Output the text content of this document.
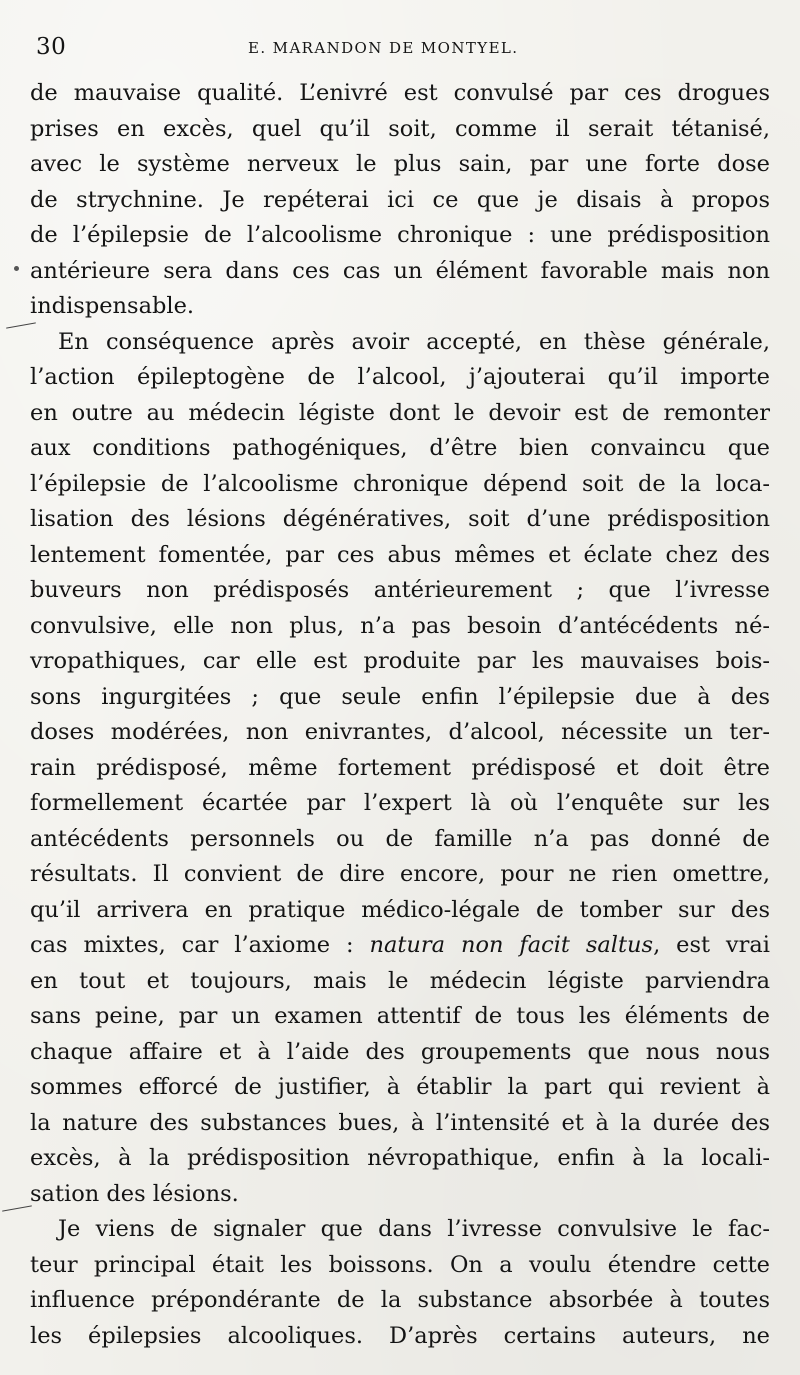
30	E. MARANDON DE MONTYEL.
de mauvaise qualité. L’enivré est convulsé par ces drogues
prises en excès, quel qu’il soit, comme il serait tétanisé,
avec le système nerveux le plus sain, par une forte dose
de strychnine. Je repéterai ici ce que je disais à propos
de l’épilepsie de l’alcoolisme chronique : une prédisposition
antérieure sera dans ces cas un élément favorable mais non
indispensable.
En conséquence après avoir accepté, en thèse générale,
l’action épileptogène de l’alcool, j’ajouterai qu’il importe
en outre au médecin légiste dont le devoir est de remonter
aux conditions pathogéniques, d’être bien convaincu que
l’épilepsie de l’alcoolisme chronique dépend soit de la loca-
lisation des lésions dégénératives, soit d’une prédisposition
lentement fomentée, par ces abus mêmes et éclate chez des
buveurs non prédisposés antérieurement ; que l’ivresse
convulsive, elle non plus, n’a pas besoin d’antécédents né-
vropathiques, car elle est produite par les mauvaises bois-
sons ingurgitées ; que seule enfin l’épilepsie due à des
doses modérées, non enivrantes, d’alcool, nécessite un ter-
rain prédisposé, même fortement prédisposé et doit être
formellement écartée par l’expert là où l’enquête sur les
antécédents personnels ou de famille n’a pas donné de
résultats. Il convient de dire encore, pour ne rien omettre,
qu’il arrivera en pratique médico-légale de tomber sur des
cas mixtes, car l’axiome : natura non facit saltus, est vrai
en tout et toujours, mais le médecin légiste parviendra
sans peine, par un examen attentif de tous les éléments de
chaque affaire et à l’aide des groupements que nous nous
sommes efforcé de justifier, à établir la part qui revient à
la nature des substances bues, à l’intensité et à la durée des
excès, à la prédisposition névropathique, enfin à la locali-
sation des lésions.
Je viens de signaler que dans l’ivresse convulsive le fac-
teur principal était les boissons. On a voulu étendre cette
influence prépondérante de la substance absorbée à toutes
les épilepsies alcooliques. D’après certains auteurs, ne
